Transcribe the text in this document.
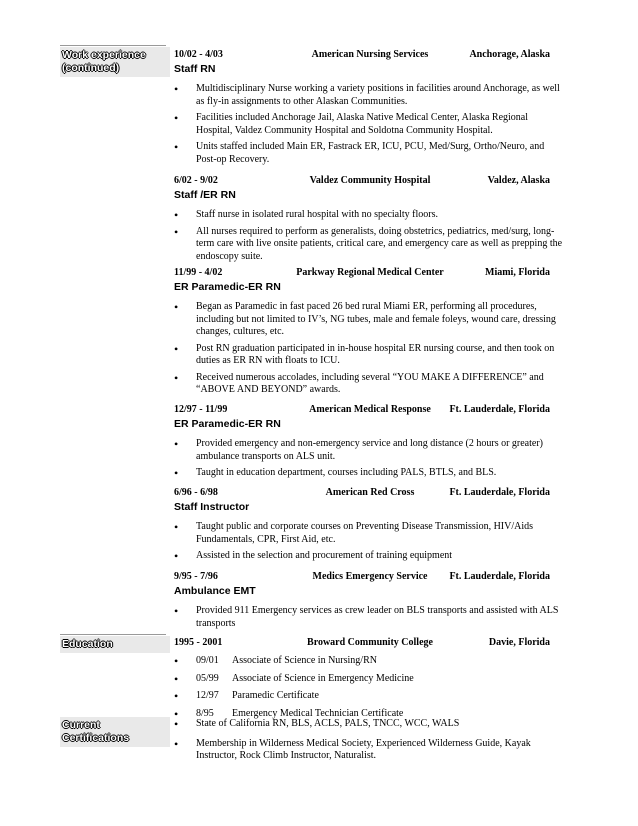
Work experience
(continued)
Education
Current Certifications
10/02 - 4/03	American Nursing Services	Anchorage, Alaska
Staff RN
• Multidisciplinary Nurse working a variety positions in facilities around Anchorage, as well as fly-in assignments to other Alaskan Communities.
• Facilities included Anchorage Jail, Alaska Native Medical Center, Alaska Regional Hospital, Valdez Community Hospital and Soldotna Community Hospital.
• Units staffed included Main ER, Fastrack ER, ICU, PCU, Med/Surg, Ortho/Neuro, and Post-op Recovery.
6/02 - 9/02	Valdez Community Hospital	Valdez, Alaska
Staff /ER RN
• Staff nurse in isolated rural hospital with no specialty floors.
• All nurses required to perform as generalists, doing obstetrics, pediatrics, med/surg, long-term care with live onsite patients, critical care, and emergency care as well as prepping the endoscopy suite.
11/99 - 4/02	Parkway Regional Medical Center	Miami, Florida
ER Paramedic-ER RN
• Began as Paramedic in fast paced 26 bed rural Miami ER, performing all procedures, including but not limited to IV’s, NG tubes, male and female foleys, wound care, dressing changes, cultures, etc.
• Post RN graduation participated in in-house hospital ER nursing course, and then took on duties as ER RN with floats to ICU.
• Received numerous accolades, including several “YOU MAKE A DIFFERENCE” and “ABOVE AND BEYOND” awards.
12/97 - 11/99	American Medical Response	Ft. Lauderdale, Florida
ER Paramedic-ER RN
• Provided emergency and non-emergency service and long distance (2 hours or greater) ambulance transports on ALS unit.
• Taught in education department, courses including PALS, BTLS, and BLS.
6/96 - 6/98	American Red Cross	Ft. Lauderdale, Florida
Staff Instructor
• Taught public and corporate courses on Preventing Disease Transmission, HIV/Aids Fundamentals, CPR, First Aid, etc.
• Assisted in the selection and procurement of training equipment
9/95 - 7/96	Medics Emergency Service	Ft. Lauderdale, Florida
Ambulance EMT
• Provided 911 Emergency services as crew leader on BLS transports and assisted with ALS transports
1995 - 2001	Broward Community College	Davie, Florida
• 09/01 Associate of Science in Nursing/RN
• 05/99 Associate of Science in Emergency Medicine
• 12/97 Paramedic Certificate
• 8/95 Emergency Medical Technician Certificate
• State of California RN, BLS, ACLS, PALS, TNCC, WCC, WALS
• Membership in Wilderness Medical Society, Experienced Wilderness Guide, Kayak Instructor, Rock Climb Instructor, Naturalist.
